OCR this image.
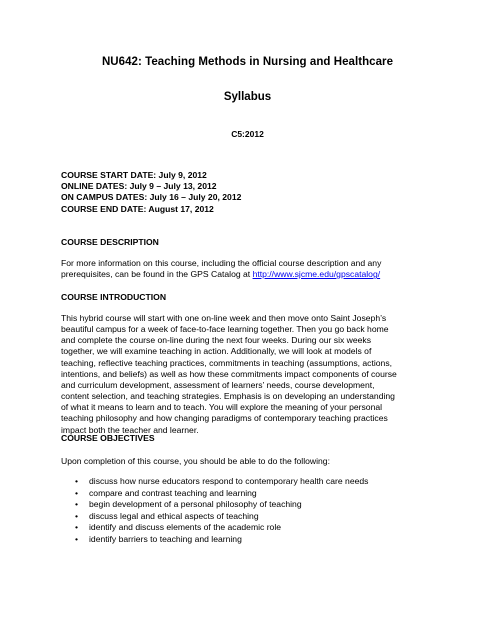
NU642: Teaching Methods in Nursing and Healthcare
Syllabus
C5:2012
COURSE START DATE: July 9, 2012
ONLINE DATES: July 9 – July 13, 2012
ON CAMPUS DATES: July 16 – July 20, 2012
COURSE END DATE: August 17, 2012
COURSE DESCRIPTION
For more information on this course, including the official course description and any
prerequisites, can be found in the GPS Catalog at http://www.sjcme.edu/gpscatalog/
COURSE INTRODUCTION
This hybrid course will start with one on-line week and then move onto Saint Joseph’s
beautiful campus for a week of face-to-face learning together. Then you go back home
and complete the course on-line during the next four weeks. During our six weeks
together, we will examine teaching in action. Additionally, we will look at models of
teaching, reflective teaching practices, commitments in teaching (assumptions, actions,
intentions, and beliefs) as well as how these commitments impact components of course
and curriculum development, assessment of learners’ needs, course development,
content selection, and teaching strategies. Emphasis is on developing an understanding
of what it means to learn and to teach. You will explore the meaning of your personal
teaching philosophy and how changing paradigms of contemporary teaching practices
impact both the teacher and learner.
COURSE OBJECTIVES
Upon completion of this course, you should be able to do the following:
•	discuss how nurse educators respond to contemporary health care needs
•	compare and contrast teaching and learning
•	begin development of a personal philosophy of teaching
•	discuss legal and ethical aspects of teaching
•	identify and discuss elements of the academic role
•	identify barriers to teaching and learning
